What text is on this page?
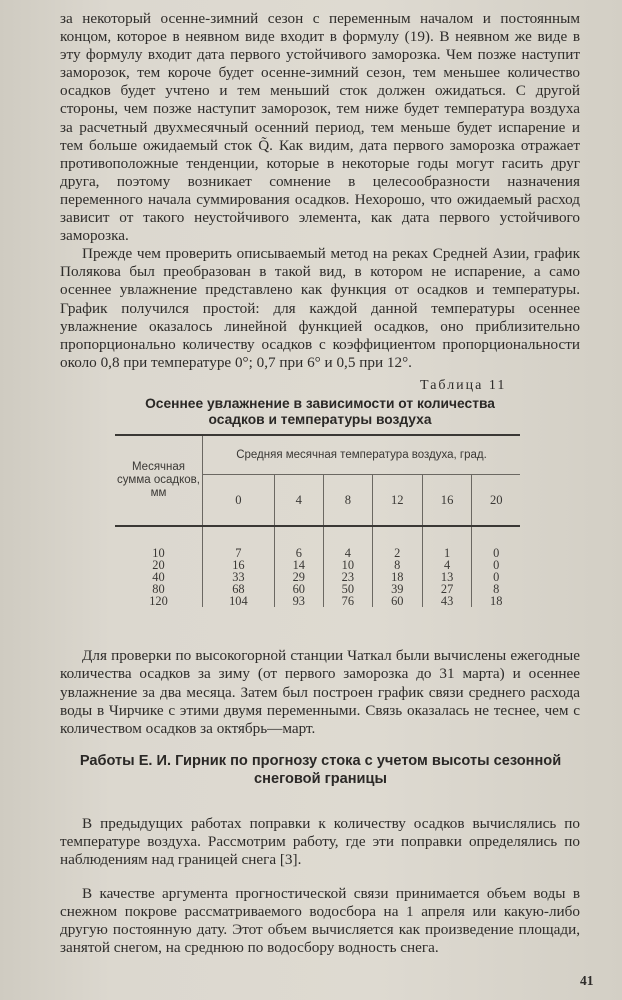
за некоторый осенне-зимний сезон с переменным началом и постоянным концом, которое в неявном виде входит в формулу (19). В неявном же виде в эту формулу входит дата первого устойчивого заморозка. Чем позже наступит заморозок, тем короче будет осенне-зимний сезон, тем меньшее количество осадков будет учтено и тем меньший сток должен ожидаться. С другой стороны, чем позже наступит заморозок, тем ниже будет температура воздуха за расчетный двухмесячный осенний период, тем меньше будет испарение и тем больше ожидаемый сток Q̃. Как видим, дата первого заморозка отражает противоположные тенденции, которые в некоторые годы могут гасить друг друга, поэтому возникает сомнение в целесообразности назначения переменного начала суммирования осадков. Нехорошо, что ожидаемый расход зависит от такого неустойчивого элемента, как дата первого устойчивого заморозка.

Прежде чем проверить описываемый метод на реках Средней Азии, график Полякова был преобразован в такой вид, в котором не испарение, а само осеннее увлажнение представлено как функция от осадков и температуры. График получился простой: для каждой данной температуры осеннее увлажнение оказалось линейной функцией осадков, оно приблизительно пропорционально количеству осадков с коэффициентом пропорциональности около 0,8 при температуре 0°; 0,7 при 6° и 0,5 при 12°.

Таблица 11
Осеннее увлажнение в зависимости от количества осадков и температуры воздуха
Месячная сумма осадков, мм	Средняя месячная температура воздуха, град.					
	0	4	8	12	16	20
10	7	6	4	2	1	0
20	16	14	10	8	4	0
40	33	29	23	18	13	0
80	68	60	50	39	27	8
120	104	93	76	60	43	18

Для проверки по высокогорной станции Чаткал были вычислены ежегодные количества осадков за зиму (от первого заморозка до 31 марта) и осеннее увлажнение за два месяца. Затем был построен график связи среднего расхода воды в Чирчике с этими двумя переменными. Связь оказалась не теснее, чем с количеством осадков за октябрь—март.

Работы Е. И. Гирник по прогнозу стока с учетом высоты сезонной снеговой границы

В предыдущих работах поправки к количеству осадков вычислялись по температуре воздуха. Рассмотрим работу, где эти поправки определялись по наблюдениям над границей снега [3].

В качестве аргумента прогностической связи принимается объем воды в снежном покрове рассматриваемого водосбора на 1 апреля или какую-либо другую постоянную дату. Этот объем вычисляется как произведение площади, занятой снегом, на среднюю по водосбору водность снега.

41
